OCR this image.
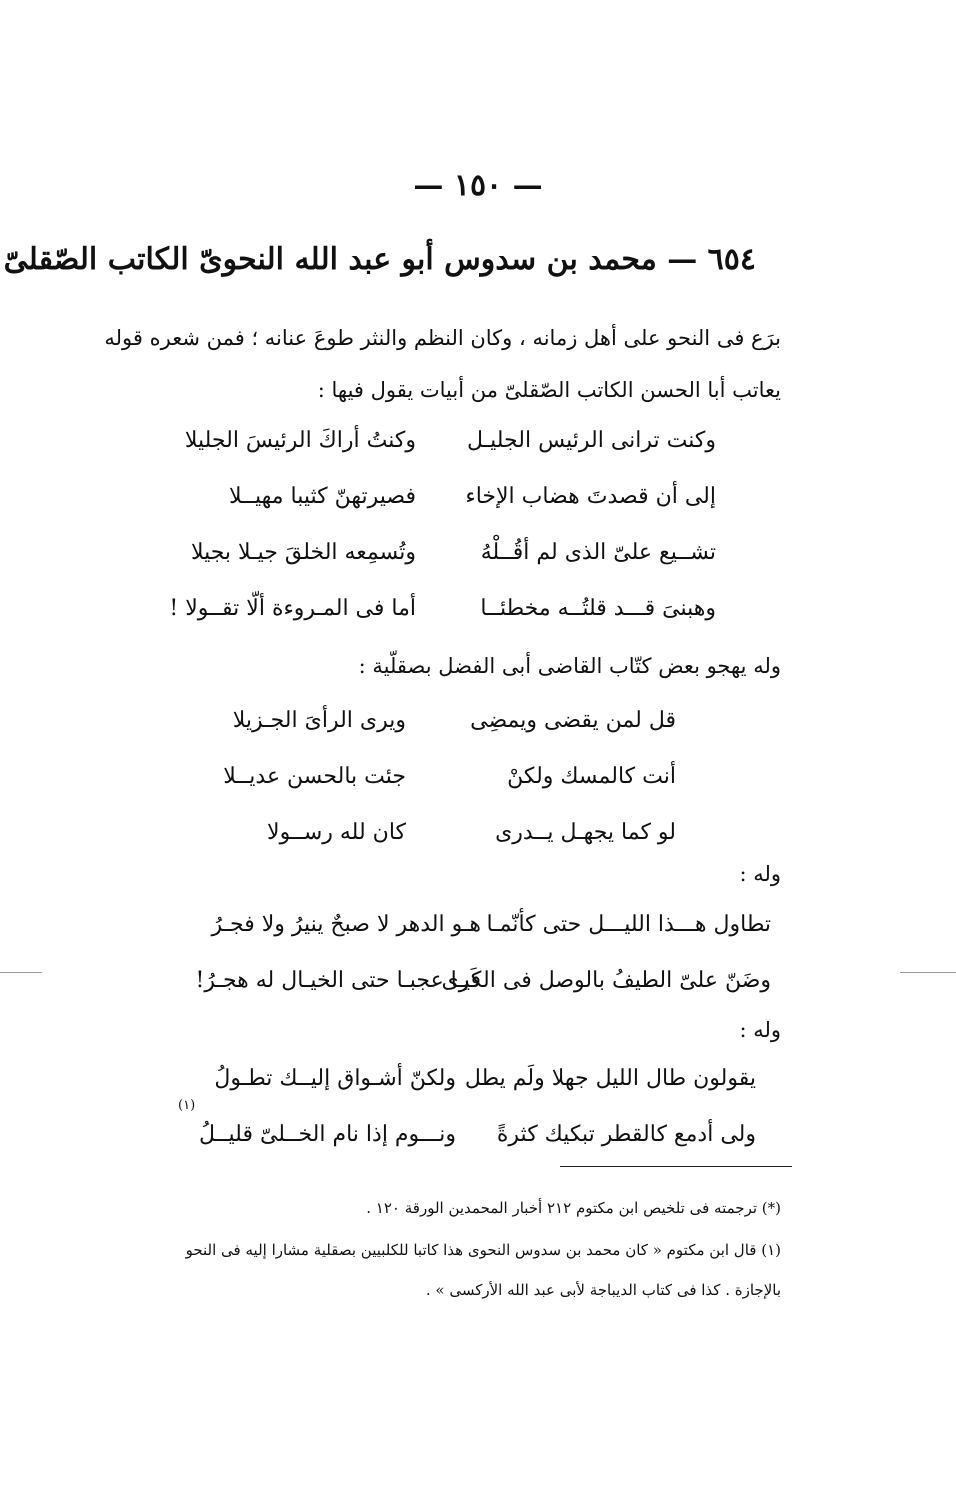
— ١٥٠ —
٦٥٤ — محمد بن سدوس أبو عبد الله النحوىّ الكاتب الصّقلىّ
برَع فى النحو على أهل زمانه ، وكان النظم والنثر طوعَ عنانه ؛ فمن شعره قوله
يعاتب أبا الحسن الكاتب الصّقلىّ من أبيات يقول فيها :
وكنت ترانى الرئيس الجليـل
وكنتُ أراكَ الرئيسَ الجليلا
إلى أن قصدتَ هضاب الإخاء
فصيرتهنّ كثيبا مهيــلا
تشــيع علىّ الذى لم أقُــلْهُ
وتُسمِعه الخلقَ جيـلا بجيلا
وهبنىَ قـــد قلتُــه مخطئــا
أما فى المـروءة ألّا تقــولا !
وله يهجو بعض كتّاب القاضى أبى الفضل بصقلّية :
قل لمن يقضى ويمضِى
ويرى الرأىَ الجـزيلا
أنت كالمسك ولكنْ
جئت بالحسن عديــلا
لو كما يجهـل يــدرى
كان لله رســولا
وله :
تطاول هـــذا الليـــل حتى كأنّمـا
هـو الدهر لا صبحٌ ينيرُ ولا فجـرُ
وضَنّ علىّ الطيفُ بالوصل فى الكَرى
فيـا عجبـا حتى الخيـال له هجـرُ!
وله :
يقولون طال الليل جهلا ولَم يطل
ولكنّ أشـواق إليــك تطـولُ
ولى أدمع كالقطر تبكيك كثرةً
ونـــوم إذا نام الخــلىّ قليــلُ
(١)
(*) ترجمته فى تلخيص ابن مكتوم ٢١٢ أخبار المحمدين الورقة ١٢٠ .
(١) قال ابن مكتوم « كان محمد بن سدوس النحوى هذا كاتبا للكلبيين بصقلية مشارا إليه فى النحو
بالإجازة . كذا فى كتاب الديباجة لأبى عبد الله الأركسى » .
